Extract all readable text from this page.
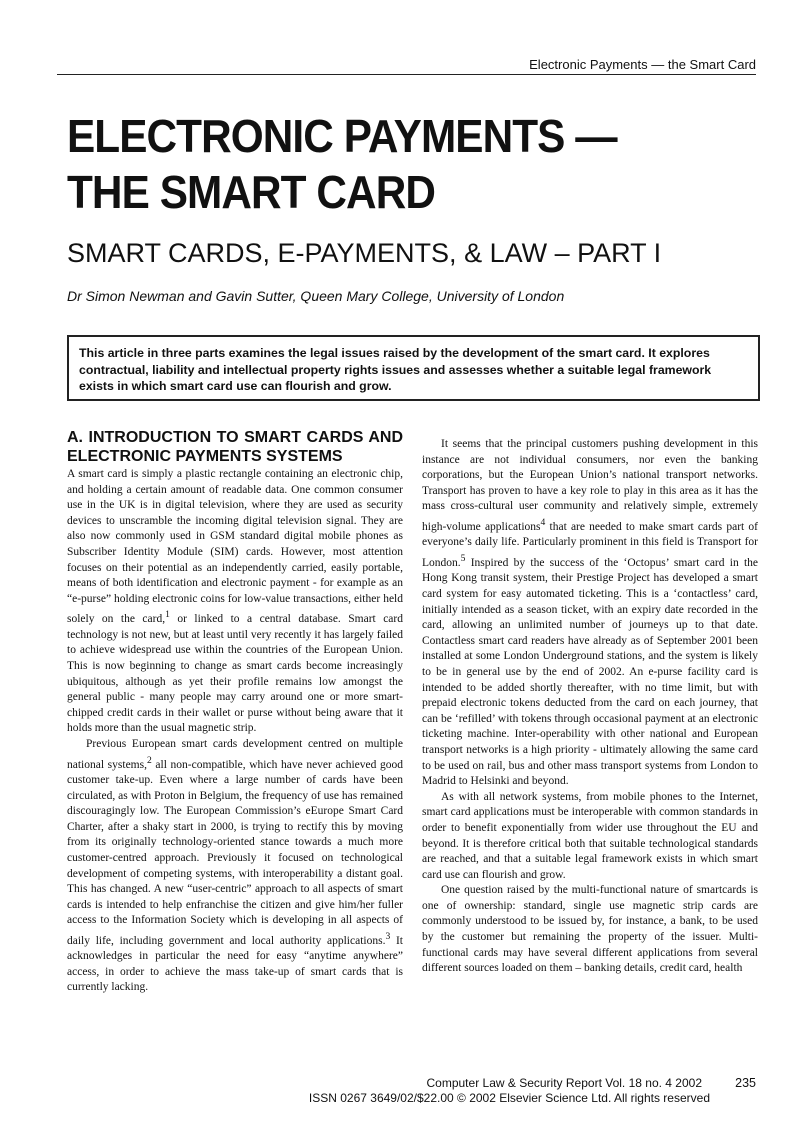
Electronic Payments — the Smart Card
ELECTRONIC PAYMENTS —
THE SMART CARD
SMART CARDS, E-PAYMENTS, & LAW – PART I

Dr Simon Newman and Gavin Sutter, Queen Mary College, University of London

This article in three parts examines the legal issues raised by the development of the smart card. It explores contractual, liability and intellectual property rights issues and assesses whether a suitable legal framework exists in which smart card use can flourish and grow.
A. INTRODUCTION TO SMART CARDS AND ELECTRONIC PAYMENTS SYSTEMS

A smart card is simply a plastic rectangle containing an electronic chip, and holding a certain amount of readable data. One common consumer use in the UK is in digital television, where they are used as security devices to unscramble the incoming digital television signal. They are also now commonly used in GSM standard digital mobile phones as Subscriber Identity Module (SIM) cards. However, most attention focuses on their potential as an independently carried, easily portable, means of both identification and electronic payment - for example as an “e-purse” holding electronic coins for low-value transactions, either held solely on the card,$^1$ or linked to a central database. Smart card technology is not new, but at least until very recently it has largely failed to achieve widespread use within the countries of the European Union. This is now beginning to change as smart cards become increasingly ubiquitous, although as yet their profile remains low amongst the general public - many people may carry around one or more smart-chipped credit cards in their wallet or purse without being aware that it holds more than the usual magnetic strip.

Previous European smart cards development centred on multiple national systems,$^2$ all non-compatible, which have never achieved good customer take-up. Even where a large number of cards have been circulated, as with Proton in Belgium, the frequency of use has remained discouragingly low. The European Commission’s eEurope Smart Card Charter, after a shaky start in 2000, is trying to rectify this by moving from its originally technology-oriented stance towards a much more customer-centred approach. Previously it focused on technological development of competing systems, with interoperability a distant goal. This has changed. A new “user-centric” approach to all aspects of smart cards is intended to help enfranchise the citizen and give him/her fuller access to the Information Society which is developing in all aspects of daily life, including government and local authority applications.$^3$ It acknowledges in particular the need for easy “anytime anywhere” access, in order to achieve the mass take-up of smart cards that is currently lacking.

It seems that the principal customers pushing development in this instance are not individual consumers, nor even the banking corporations, but the European Union’s national transport networks. Transport has proven to have a key role to play in this area as it has the mass cross-cultural user community and relatively simple, extremely high-volume applications$^4$ that are needed to make smart cards part of everyone’s daily life. Particularly prominent in this field is Transport for London.$^5$ Inspired by the success of the ‘Octopus’ smart card in the Hong Kong transit system, their Prestige Project has developed a smart card system for easy automated ticketing. This is a ‘contactless’ card, initially intended as a season ticket, with an expiry date recorded in the card, allowing an unlimited number of journeys up to that date. Contactless smart card readers have already as of September 2001 been installed at some London Underground stations, and the system is likely to be in general use by the end of 2002. An e-purse facility card is intended to be added shortly thereafter, with no time limit, but with prepaid electronic tokens deducted from the card on each journey, that can be ‘refilled’ with tokens through occasional payment at an electronic ticketing machine. Inter-operability with other national and European transport networks is a high priority - ultimately allowing the same card to be used on rail, bus and other mass transport systems from London to Madrid to Helsinki and beyond.

As with all network systems, from mobile phones to the Internet, smart card applications must be interoperable with common standards in order to benefit exponentially from wider use throughout the EU and beyond. It is therefore critical both that suitable technological standards are reached, and that a suitable legal framework exists in which smart card use can flourish and grow.

One question raised by the multi-functional nature of smartcards is one of ownership: standard, single use magnetic strip cards are commonly understood to be issued by, for instance, a bank, to be used by the customer but remaining the property of the issuer. Multi-functional cards may have several different applications from several different sources loaded on them – banking details, credit card, health

Computer Law & Security Report Vol. 18 no. 4 2002	235
ISSN 0267 3649/02/$22.00 © 2002 Elsevier Science Ltd. All rights reserved
